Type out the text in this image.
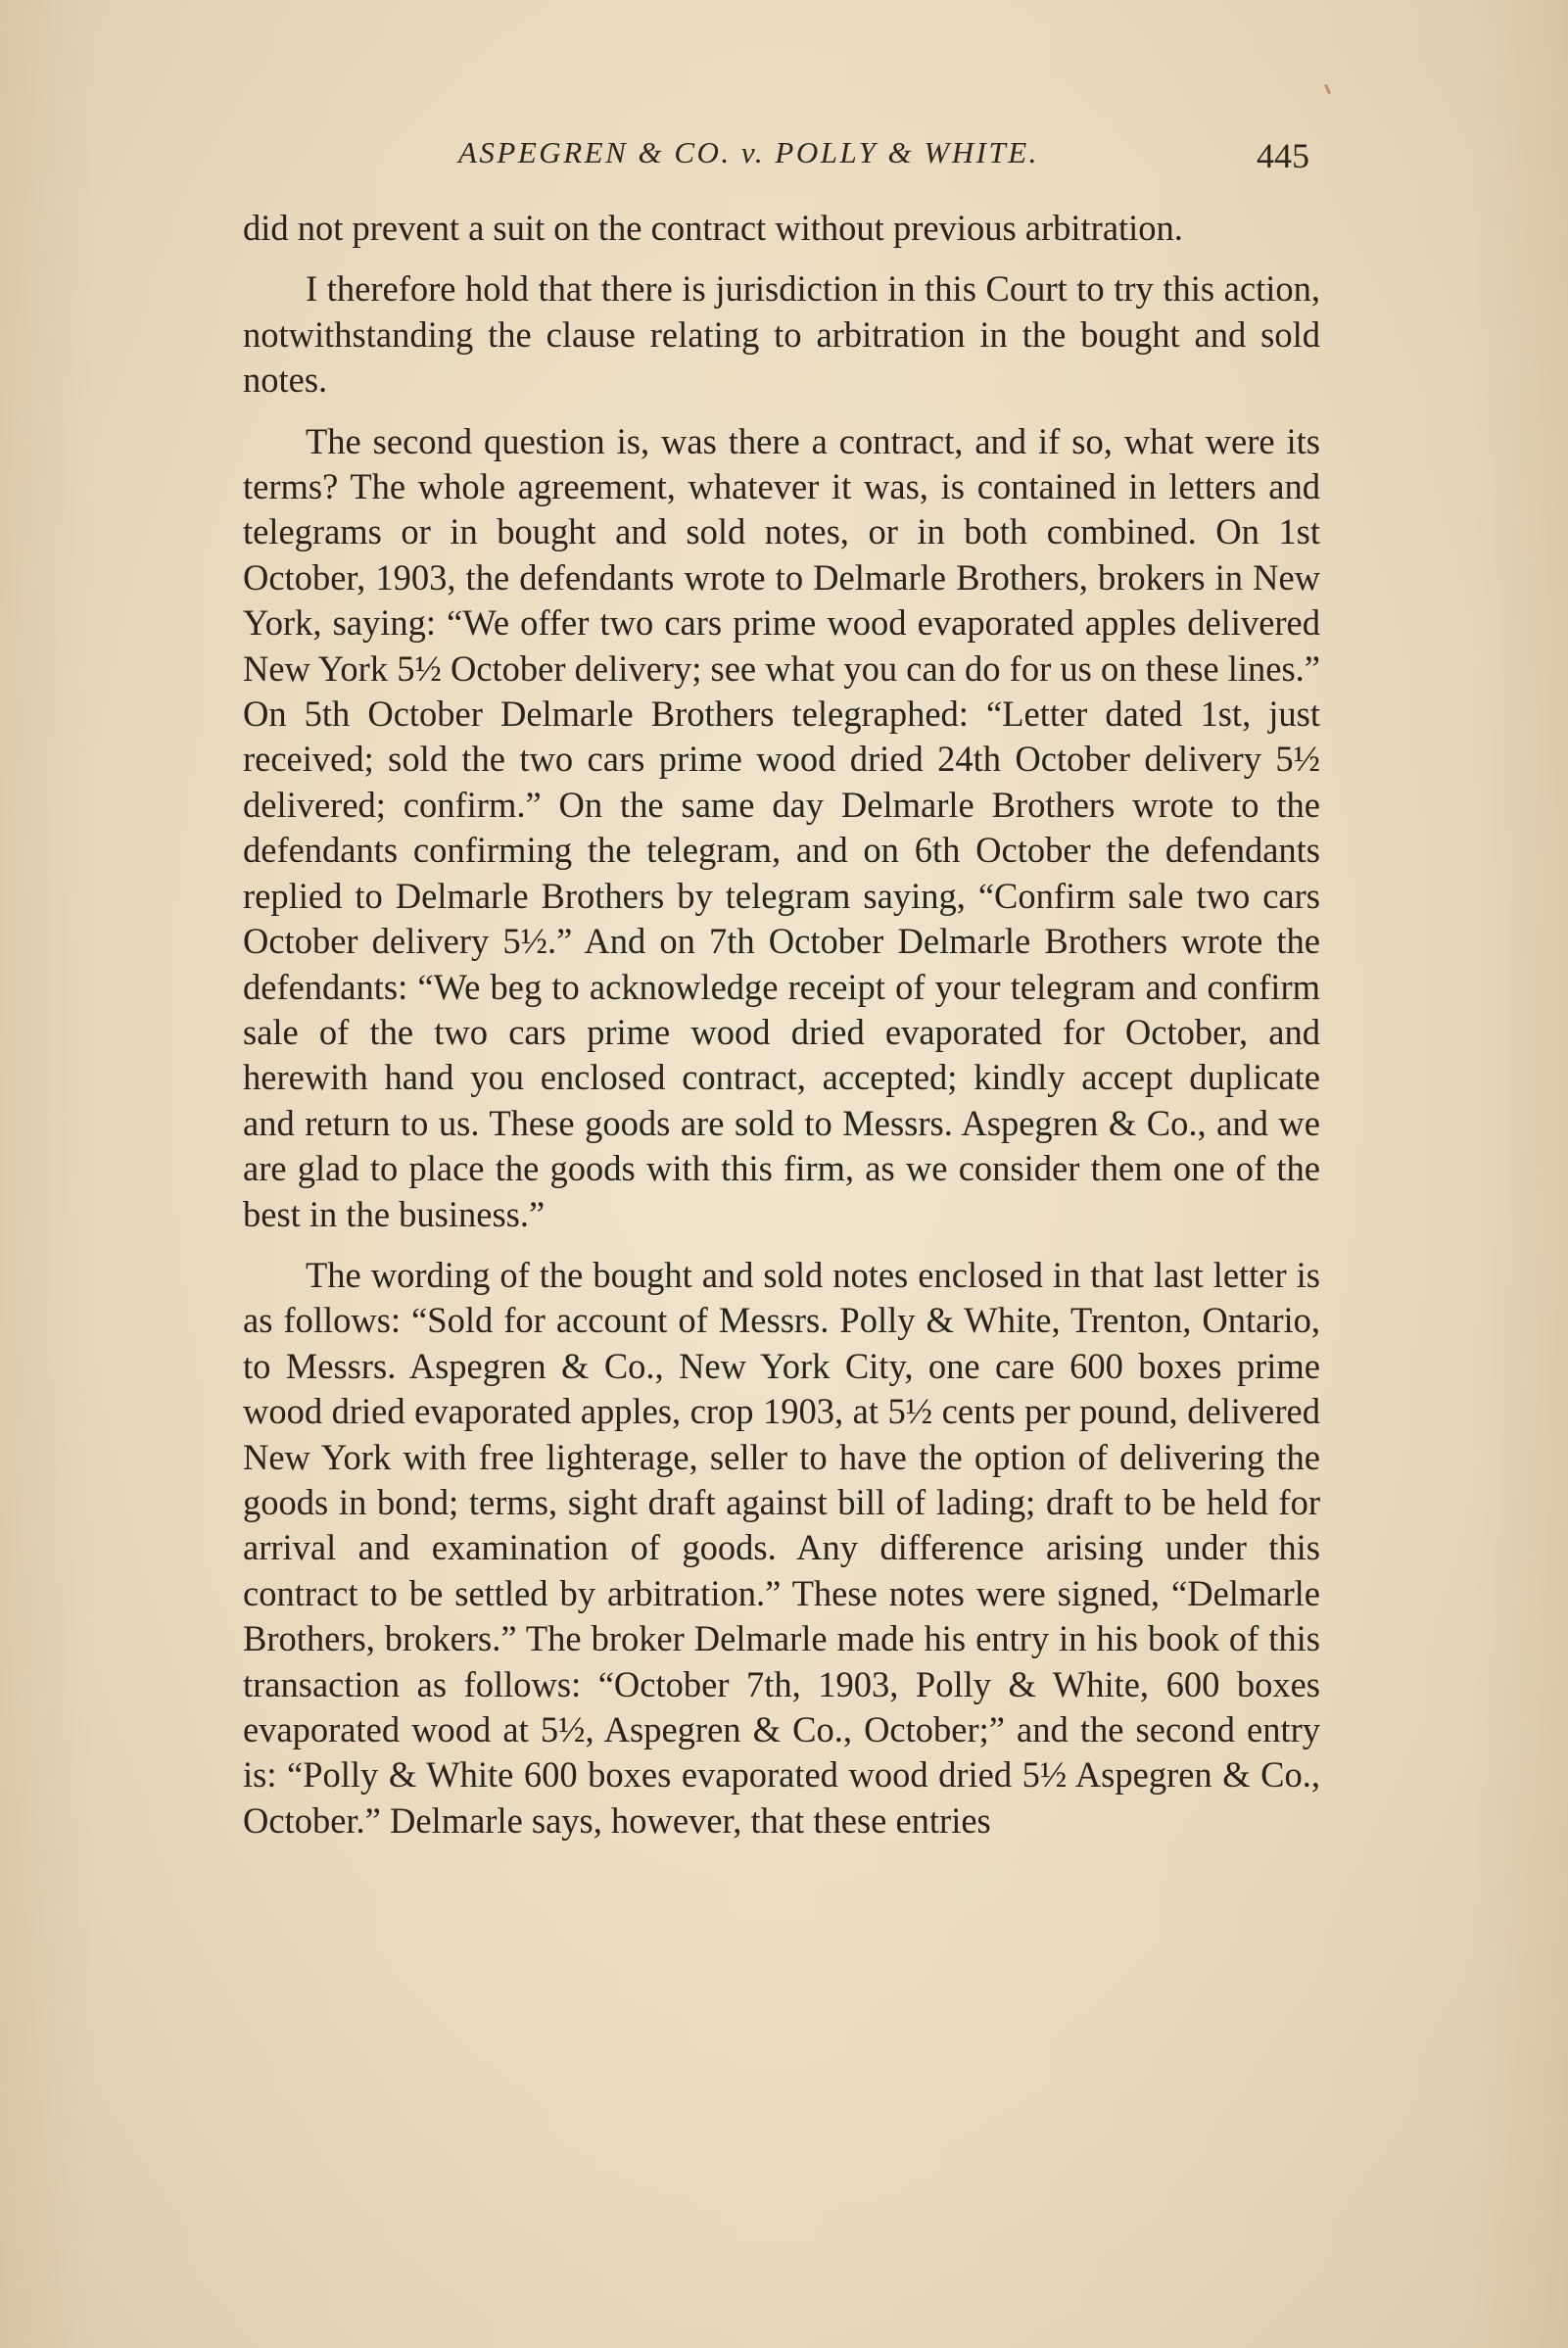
ASPEGREN & CO. v. POLLY & WHITE.	445

did not prevent a suit on the contract without previous arbitration.

I therefore hold that there is jurisdiction in this Court to try this action, notwithstanding the clause relating to arbitration in the bought and sold notes.

The second question is, was there a contract, and if so, what were its terms? The whole agreement, whatever it was, is contained in letters and telegrams or in bought and sold notes, or in both combined. On 1st October, 1903, the defendants wrote to Delmarle Brothers, brokers in New York, saying: “We offer two cars prime wood evaporated apples delivered New York 5½ October delivery; see what you can do for us on these lines.” On 5th October Delmarle Brothers telegraphed: “Letter dated 1st, just received; sold the two cars prime wood dried 24th October delivery 5½ delivered; confirm.” On the same day Delmarle Brothers wrote to the defendants confirming the telegram, and on 6th October the defendants replied to Delmarle Brothers by telegram saying, “Confirm sale two cars October delivery 5½.” And on 7th October Delmarle Brothers wrote the defendants: “We beg to acknowledge receipt of your telegram and confirm sale of the two cars prime wood dried evaporated for October, and herewith hand you enclosed contract, accepted; kindly accept duplicate and return to us. These goods are sold to Messrs. Aspegren & Co., and we are glad to place the goods with this firm, as we consider them one of the best in the business.”

The wording of the bought and sold notes enclosed in that last letter is as follows: “Sold for account of Messrs. Polly & White, Trenton, Ontario, to Messrs. Aspegren & Co., New York City, one care 600 boxes prime wood dried evaporated apples, crop 1903, at 5½ cents per pound, delivered New York with free lighterage, seller to have the option of delivering the goods in bond; terms, sight draft against bill of lading; draft to be held for arrival and examination of goods. Any difference arising under this contract to be settled by arbitration.” These notes were signed, “Delmarle Brothers, brokers.” The broker Delmarle made his entry in his book of this transaction as follows: “October 7th, 1903, Polly & White, 600 boxes evaporated wood at 5½, Aspegren & Co., October;” and the second entry is: “Polly & White 600 boxes evaporated wood dried 5½ Aspegren & Co., October.” Delmarle says, however, that these entries
